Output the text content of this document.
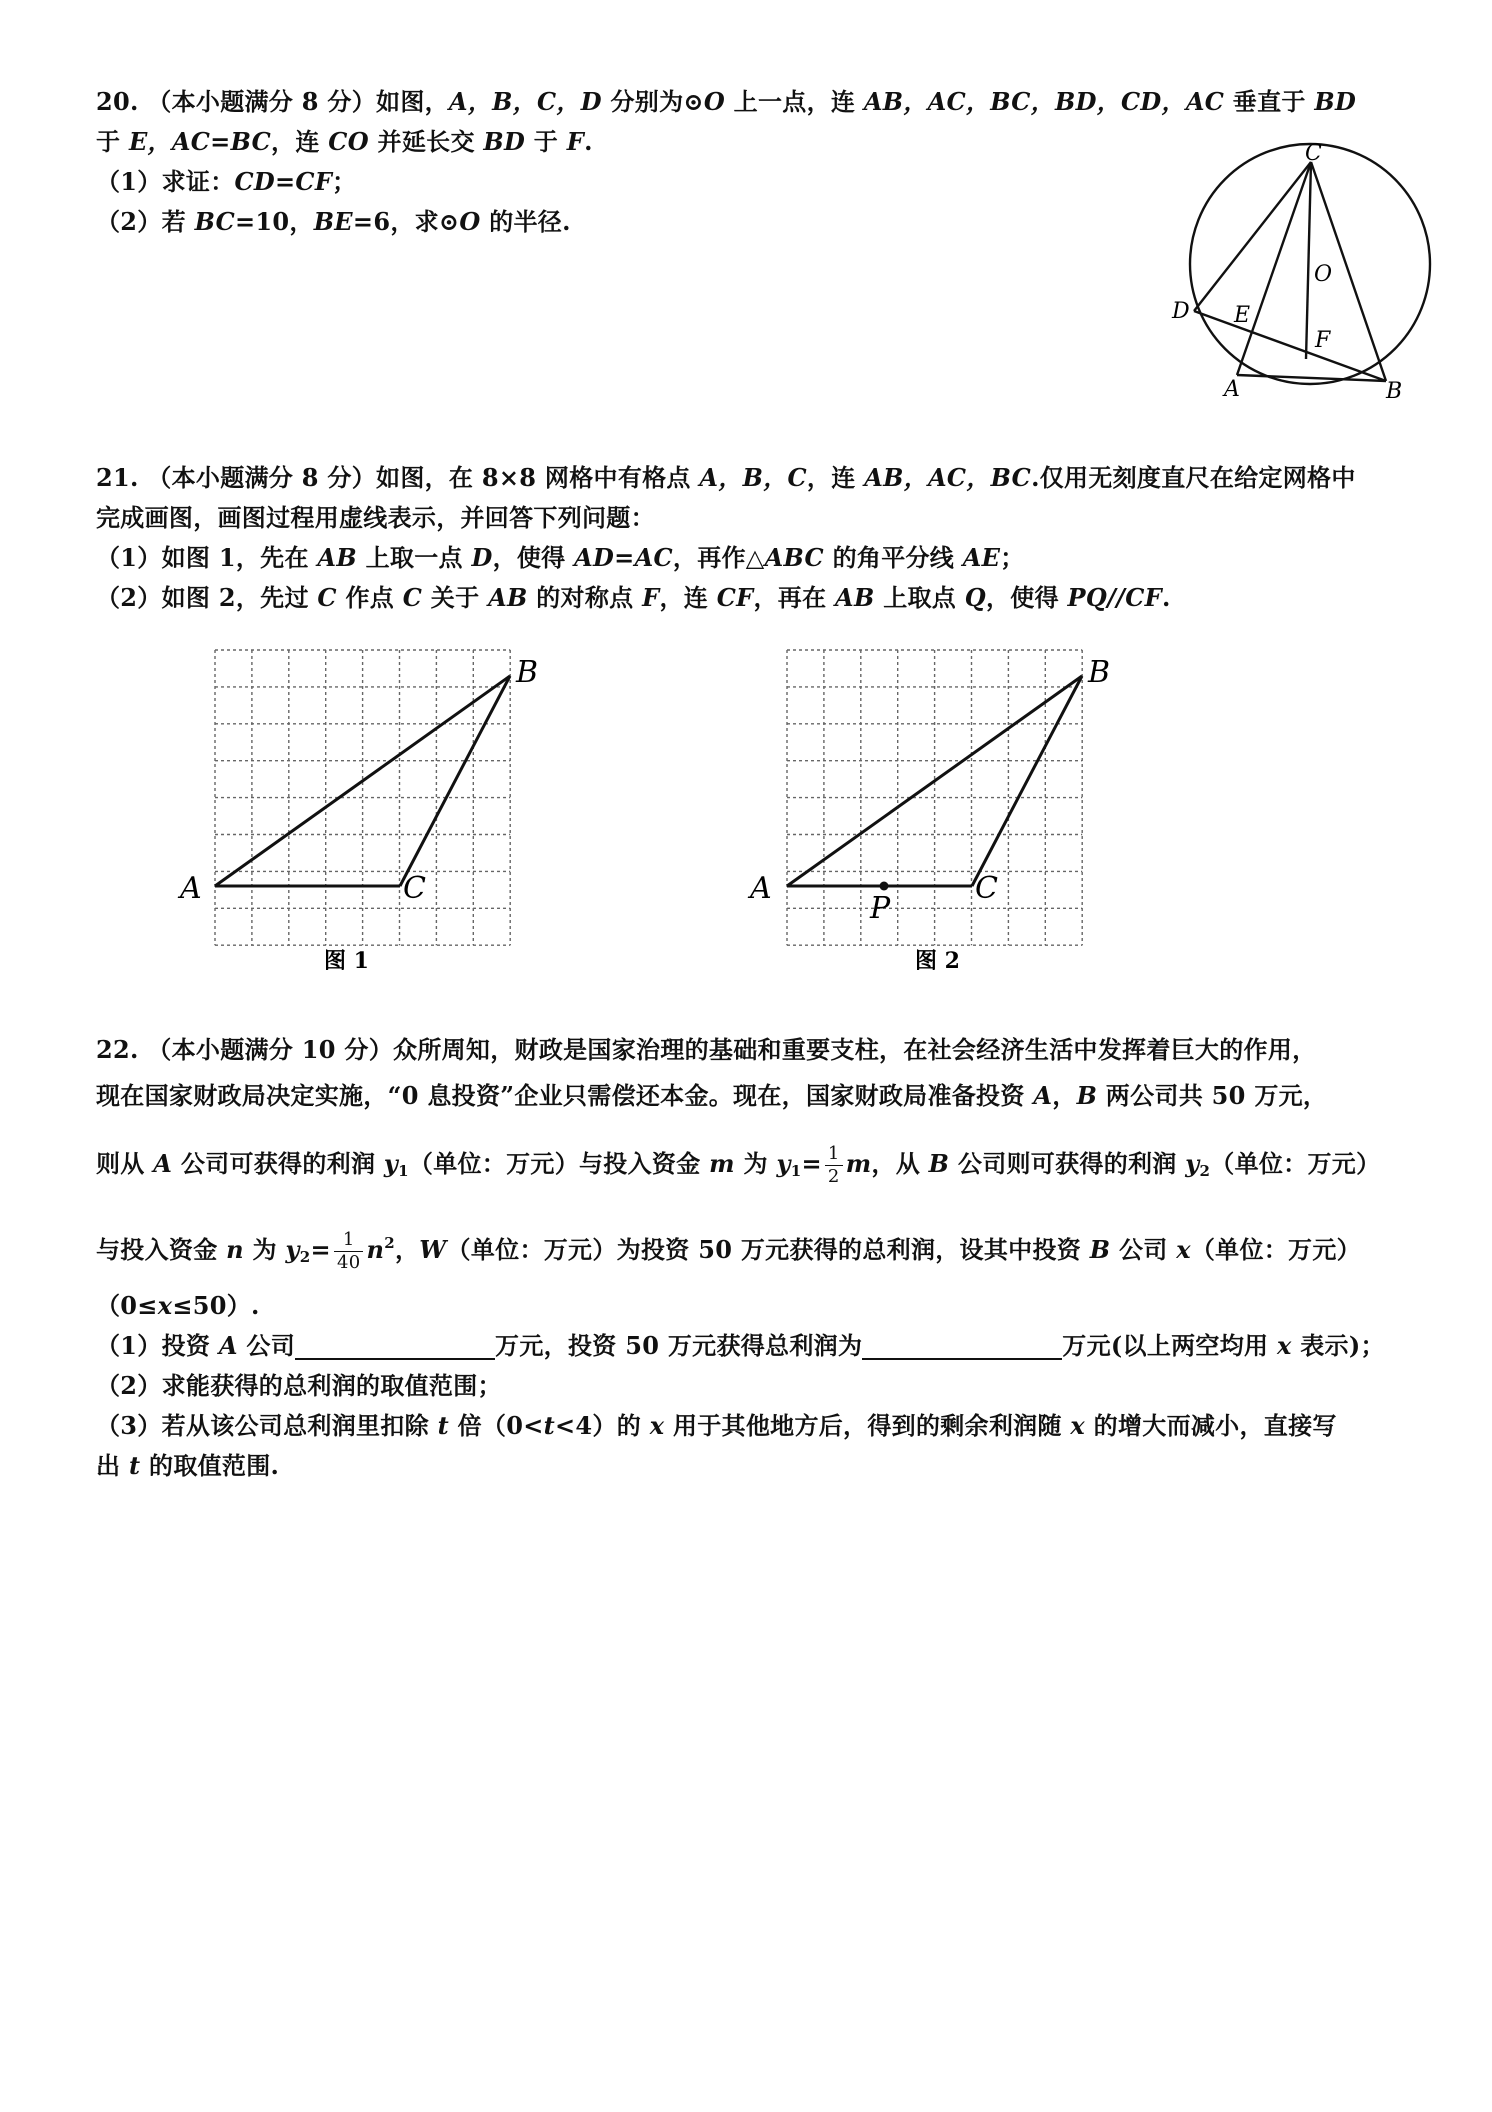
20. （本小题满分 8 分）如图，A，B，C，D 分别为⊙O 上一点，连 AB，AC，BC，BD，CD，AC 垂直于 BD
于 E，AC=BC，连 CO 并延长交 BD 于 F.
（1）求证：CD=CF；
（2）若 BC=10，BE=6，求⊙O 的半径.
C
O
D E
F
A	B
21. （本小题满分 8 分）如图，在 8×8 网格中有格点 A，B，C，连 AB，AC，BC.仅用无刻度直尺在给定网格中
完成画图，画图过程用虚线表示，并回答下列问题：
（1）如图 1，先在 AB 上取一点 D，使得 AD=AC，再作△ABC 的角平分线 AE；
（2）如图 2，先过 C 作点 C 关于 AB 的对称点 F，连 CF，再在 AB 上取点 Q，使得 PQ//CF.
A
B
C
图 1
A
B
C
P
图 2
22. （本小题满分 10 分）众所周知，财政是国家治理的基础和重要支柱，在社会经济生活中发挥着巨大的作用，
现在国家财政局决定实施，“0 息投资”企业只需偿还本金。现在，国家财政局准备投资 A，B 两公司共 50 万元，
则从 A 公司可获得的利润 $y_1$（单位：万元）与投入资金 m 为 $y_1= \frac{1}{2}$ m，从 B 公司则可获得的利润 $y_2$（单位：万元）
与投入资金 n 为 $y_2= \frac{1}{40} n^2$，W（单位：万元）为投资 50 万元获得的总利润，设其中投资 B 公司 x（单位：万元）
（0≤x≤50）.
（1）投资 A 公司	万元，投资 50 万元获得总利润为	万元(以上两空均用 x 表示)；
（2）求能获得的总利润的取值范围；
（3）若从该公司总利润里扣除 t 倍（0<t<4）的 x 用于其他地方后，得到的剩余利润随 x 的增大而减小，直接写
出 t 的取值范围.
